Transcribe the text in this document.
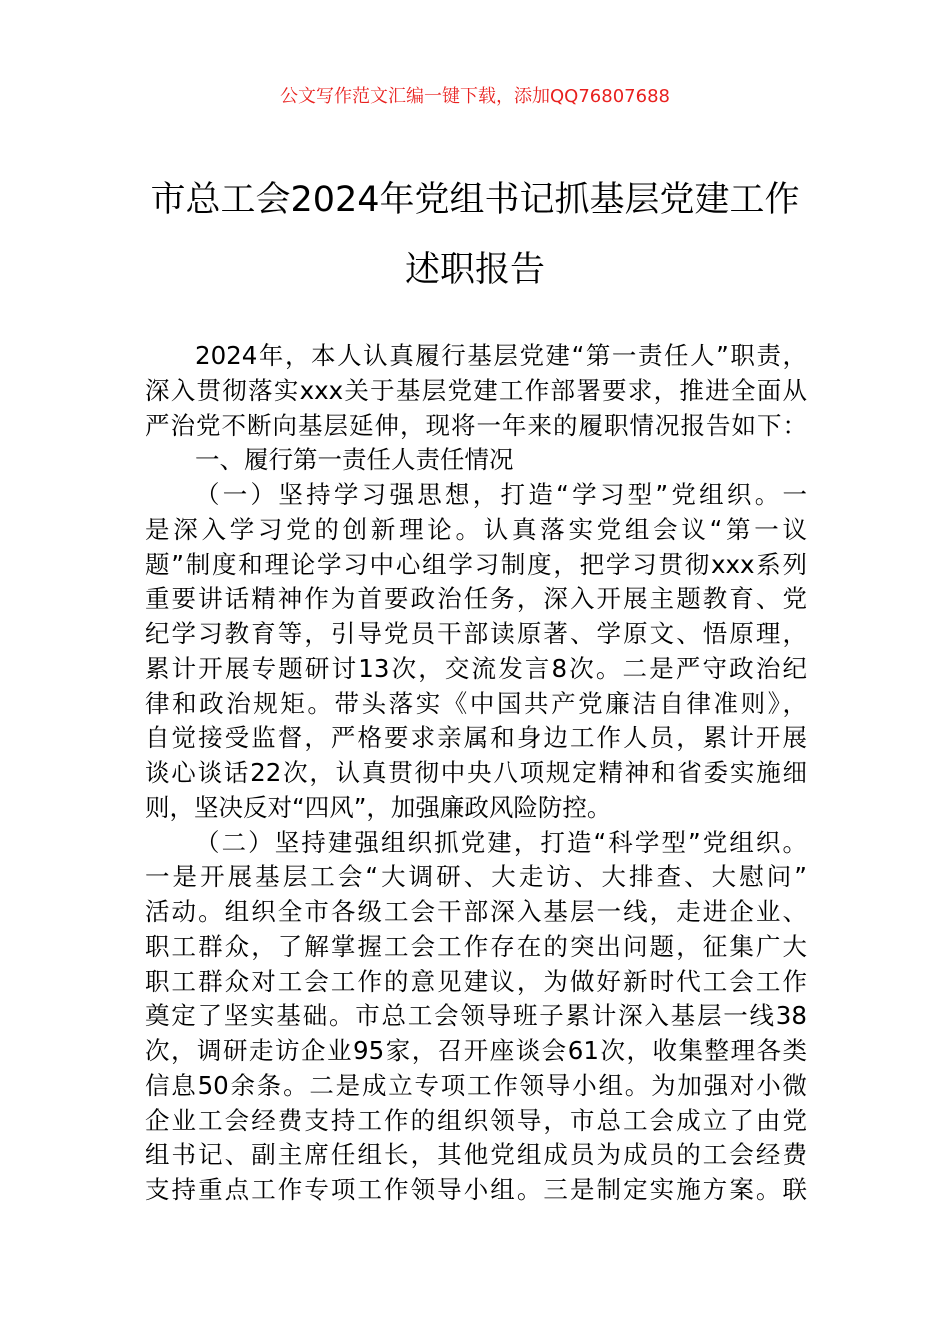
公文写作范文汇编一键下载，添加QQ76807688
市总工会2024年党组书记抓基层党建工作
述职报告
2024年，本人认真履行基层党建“第一责任人”职责，
深入贯彻落实xxx关于基层党建工作部署要求，推进全面从
严治党不断向基层延伸，现将一年来的履职情况报告如下：
一、履行第一责任人责任情况
（一）坚持学习强思想，打造“学习型”党组织。一
是深入学习党的创新理论。认真落实党组会议“第一议
题”制度和理论学习中心组学习制度，把学习贯彻xxx系列
重要讲话精神作为首要政治任务，深入开展主题教育、党
纪学习教育等，引导党员干部读原著、学原文、悟原理，
累计开展专题研讨13次，交流发言8次。二是严守政治纪
律和政治规矩。带头落实《中国共产党廉洁自律准则》，
自觉接受监督，严格要求亲属和身边工作人员，累计开展
谈心谈话22次，认真贯彻中央八项规定精神和省委实施细
则，坚决反对“四风”，加强廉政风险防控。
（二）坚持建强组织抓党建，打造“科学型”党组织。
一是开展基层工会“大调研、大走访、大排查、大慰问”
活动。组织全市各级工会干部深入基层一线，走进企业、
职工群众，了解掌握工会工作存在的突出问题，征集广大
职工群众对工会工作的意见建议，为做好新时代工会工作
奠定了坚实基础。市总工会领导班子累计深入基层一线38
次，调研走访企业95家，召开座谈会61次，收集整理各类
信息50余条。二是成立专项工作领导小组。为加强对小微
企业工会经费支持工作的组织领导，市总工会成立了由党
组书记、副主席任组长，其他党组成员为成员的工会经费
支持重点工作专项工作领导小组。三是制定实施方案。联
